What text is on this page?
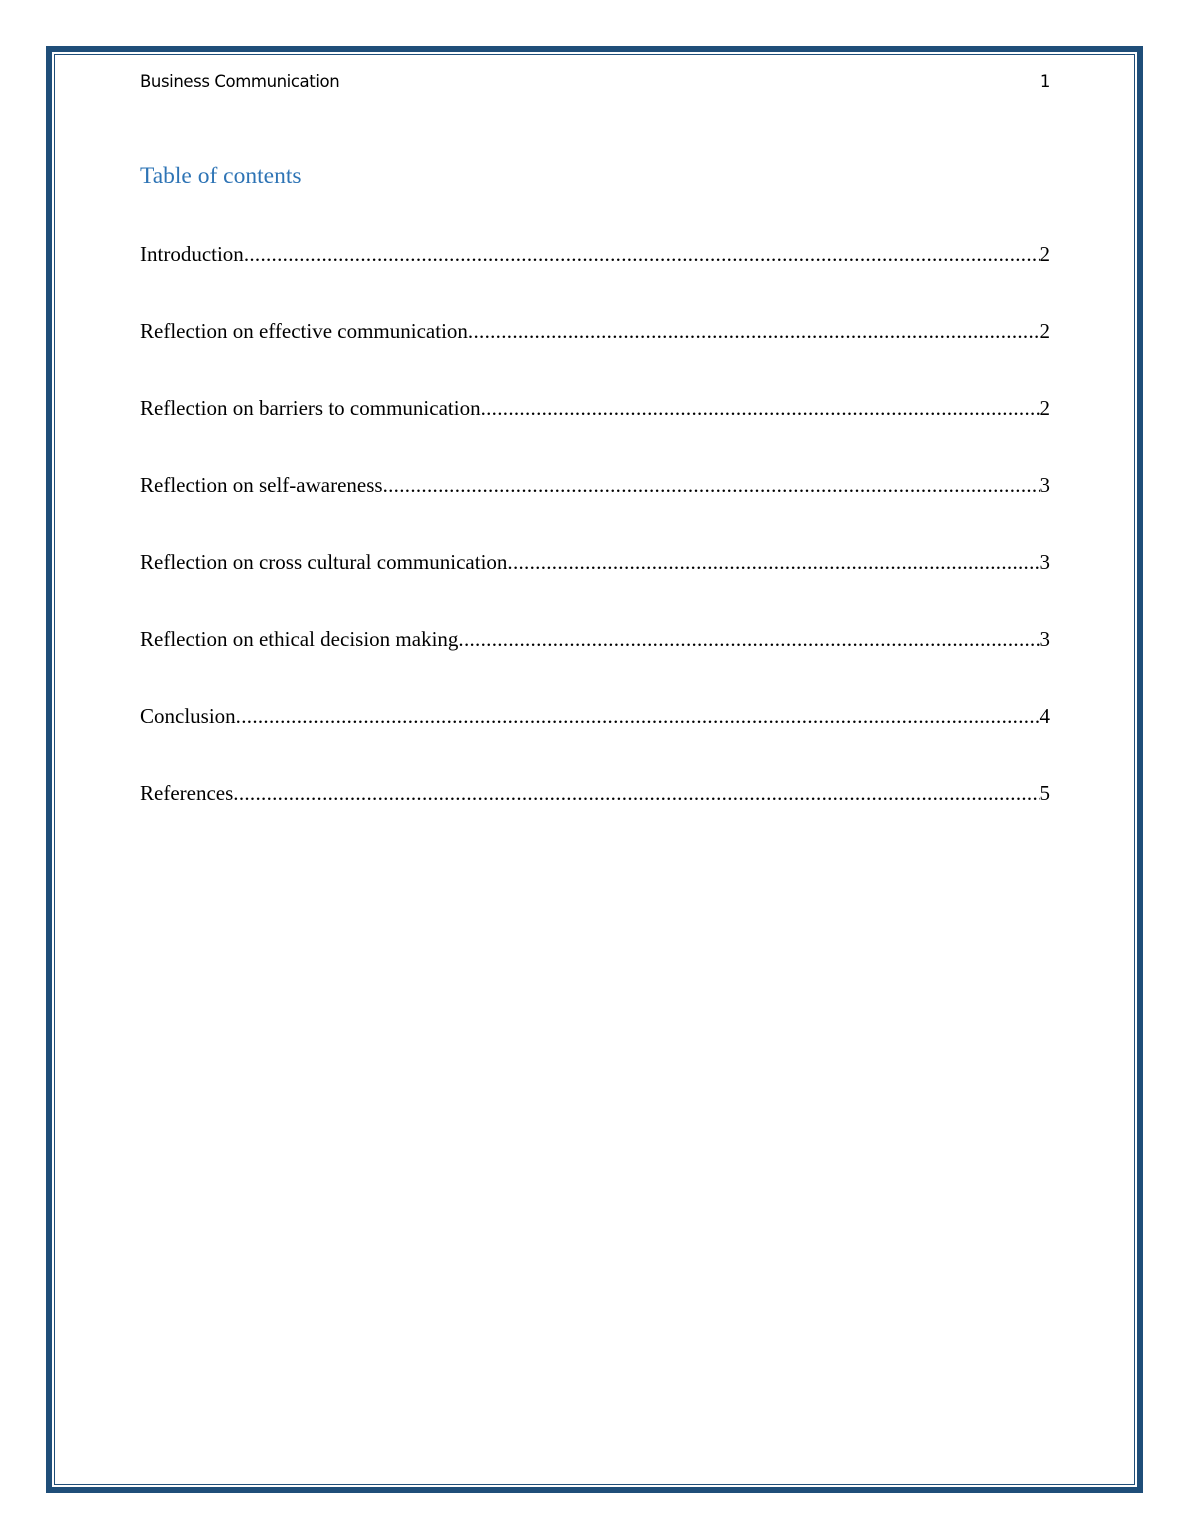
Business Communication	1
Table of contents
Introduction .....	2
Reflection on effective communication .....	2
Reflection on barriers to communication .....	2
Reflection on self-awareness .....	3
Reflection on cross cultural communication .....	3
Reflection on ethical decision making .....	3
Conclusion .....	4
References .....	5
